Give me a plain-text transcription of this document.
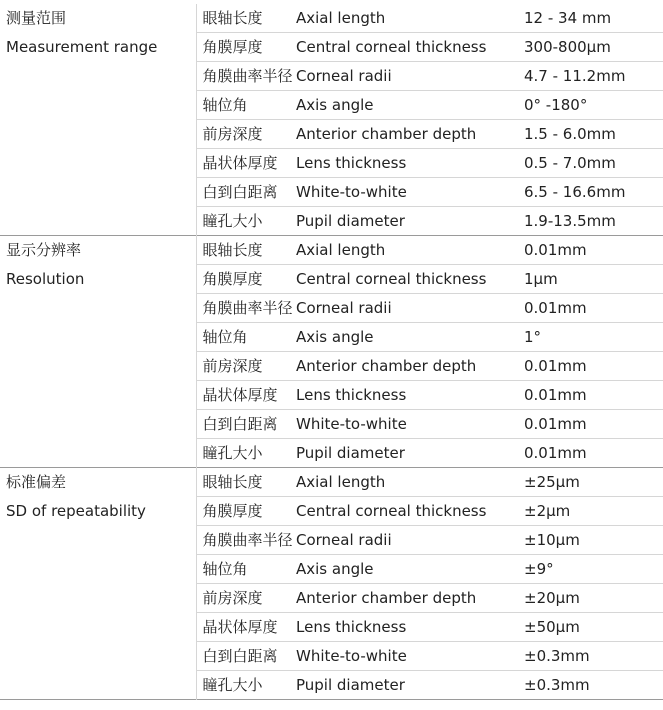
测量范围
Measurement range	眼轴长度	Axial length	12 - 34 mm
	角膜厚度	Central corneal thickness	300-800μm
	角膜曲率半径	Corneal radii	4.7 - 11.2mm
	轴位角	Axis angle	0° -180°
	前房深度	Anterior chamber depth	1.5 - 6.0mm
	晶状体厚度	Lens thickness	0.5 - 7.0mm
	白到白距离	White-to-white	6.5 - 16.6mm
	瞳孔大小	Pupil diameter	1.9-13.5mm

显示分辨率
Resolution	眼轴长度	Axial length	0.01mm
	角膜厚度	Central corneal thickness	1μm
	角膜曲率半径	Corneal radii	0.01mm
	轴位角	Axis angle	1°
	前房深度	Anterior chamber depth	0.01mm
	晶状体厚度	Lens thickness	0.01mm
	白到白距离	White-to-white	0.01mm
	瞳孔大小	Pupil diameter	0.01mm

标准偏差
SD of repeatability	眼轴长度	Axial length	±25μm
	角膜厚度	Central corneal thickness	±2μm
	角膜曲率半径	Corneal radii	±10μm
	轴位角	Axis angle	±9°
	前房深度	Anterior chamber depth	±20μm
	晶状体厚度	Lens thickness	±50μm
	白到白距离	White-to-white	±0.3mm
	瞳孔大小	Pupil diameter	±0.3mm
